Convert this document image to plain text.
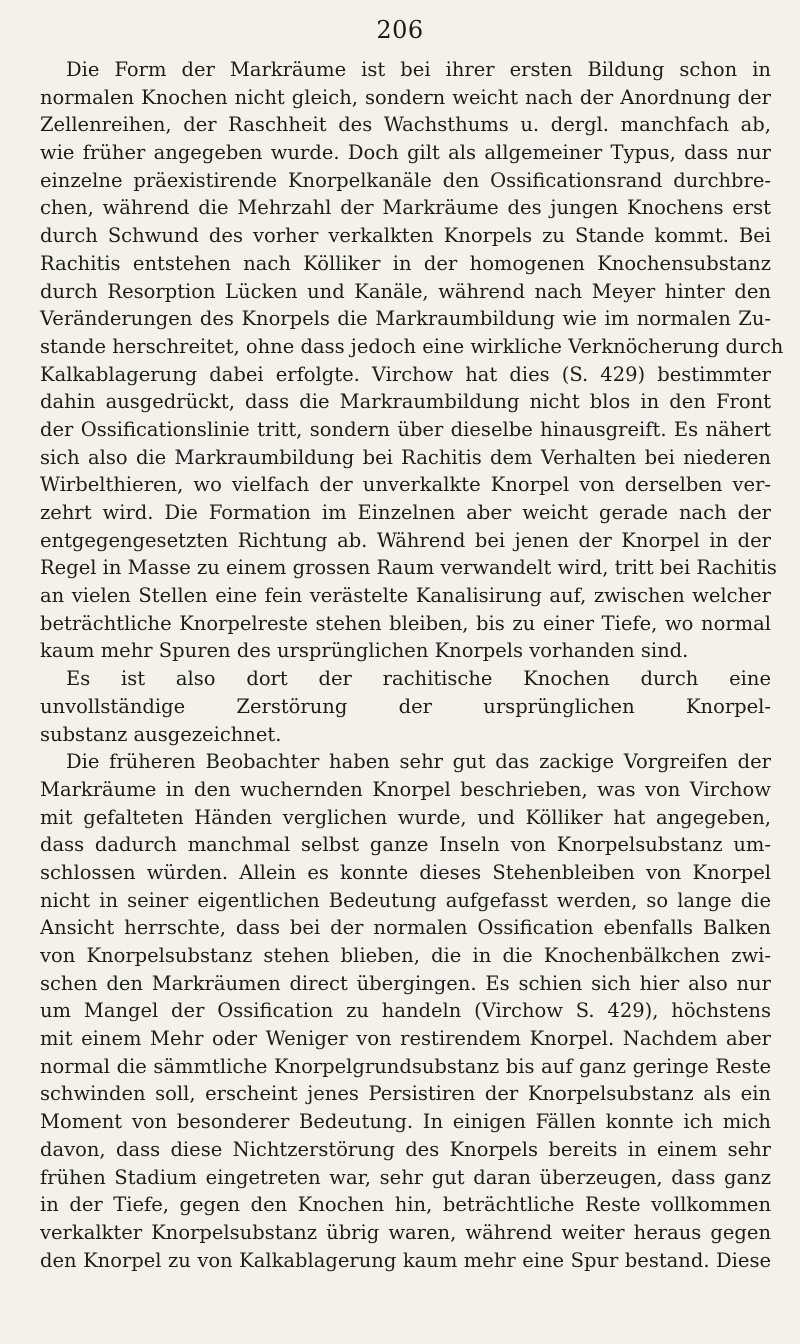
206
Die Form der Markräume ist bei ihrer ersten Bildung schon in
normalen Knochen nicht gleich, sondern weicht nach der Anordnung der
Zellenreihen, der Raschheit des Wachsthums u. dergl. manchfach ab,
wie früher angegeben wurde. Doch gilt als allgemeiner Typus, dass nur
einzelne präexistirende Knorpelkanäle den Ossificationsrand durchbre-
chen, während die Mehrzahl der Markräume des jungen Knochens erst
durch Schwund des vorher verkalkten Knorpels zu Stande kommt. Bei
Rachitis entstehen nach Kölliker in der homogenen Knochensubstanz
durch Resorption Lücken und Kanäle, während nach Meyer hinter den
Veränderungen des Knorpels die Markraumbildung wie im normalen Zu-
stande herschreitet, ohne dass jedoch eine wirkliche Verknöcherung durch
Kalkablagerung dabei erfolgte. Virchow hat dies (S. 429) bestimmter
dahin ausgedrückt, dass die Markraumbildung nicht blos in den Front
der Ossificationslinie tritt, sondern über dieselbe hinausgreift. Es nähert
sich also die Markraumbildung bei Rachitis dem Verhalten bei niederen
Wirbelthieren, wo vielfach der unverkalkte Knorpel von derselben ver-
zehrt wird. Die Formation im Einzelnen aber weicht gerade nach der
entgegengesetzten Richtung ab. Während bei jenen der Knorpel in der
Regel in Masse zu einem grossen Raum verwandelt wird, tritt bei Rachitis
an vielen Stellen eine fein verästelte Kanalisirung auf, zwischen welcher
beträchtliche Knorpelreste stehen bleiben, bis zu einer Tiefe, wo normal
kaum mehr Spuren des ursprünglichen Knorpels vorhanden sind.
Es ist also dort der rachitische Knochen durch eine
unvollständige Zerstörung der ursprünglichen Knorpel-
substanz ausgezeichnet.
Die früheren Beobachter haben sehr gut das zackige Vorgreifen der
Markräume in den wuchernden Knorpel beschrieben, was von Virchow
mit gefalteten Händen verglichen wurde, und Kölliker hat angegeben,
dass dadurch manchmal selbst ganze Inseln von Knorpelsubstanz um-
schlossen würden. Allein es konnte dieses Stehenbleiben von Knorpel
nicht in seiner eigentlichen Bedeutung aufgefasst werden, so lange die
Ansicht herrschte, dass bei der normalen Ossification ebenfalls Balken
von Knorpelsubstanz stehen blieben, die in die Knochenbälkchen zwi-
schen den Markräumen direct übergingen. Es schien sich hier also nur
um Mangel der Ossification zu handeln (Virchow S. 429), höchstens
mit einem Mehr oder Weniger von restirendem Knorpel. Nachdem aber
normal die sämmtliche Knorpelgrundsubstanz bis auf ganz geringe Reste
schwinden soll, erscheint jenes Persistiren der Knorpelsubstanz als ein
Moment von besonderer Bedeutung. In einigen Fällen konnte ich mich
davon, dass diese Nichtzerstörung des Knorpels bereits in einem sehr
frühen Stadium eingetreten war, sehr gut daran überzeugen, dass ganz
in der Tiefe, gegen den Knochen hin, beträchtliche Reste vollkommen
verkalkter Knorpelsubstanz übrig waren, während weiter heraus gegen
den Knorpel zu von Kalkablagerung kaum mehr eine Spur bestand. Diese
